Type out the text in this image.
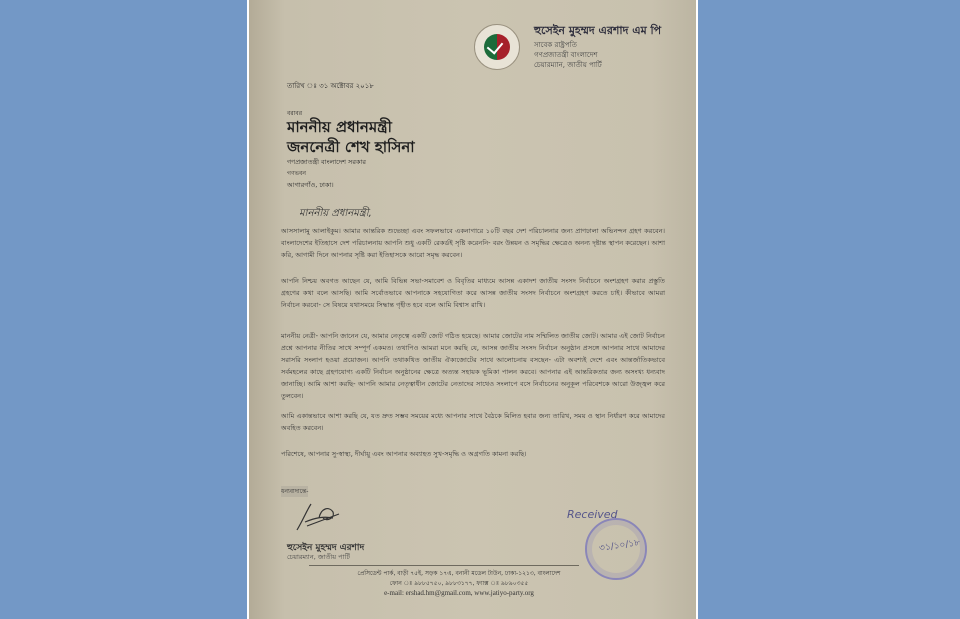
হুসেইন মুহম্মদ এরশাদ এম পি
সাবেক রাষ্ট্রপতি
গণপ্রজাতন্ত্রী বাংলাদেশ
চেয়ারম্যান, জাতীয় পার্টি
তারিখ ঃ ৩১ অক্টোবর ২০১৮
বরাবর
মাননীয় প্রধানমন্ত্রী
জননেত্রী শেখ হাসিনা
গণপ্রজাতন্ত্রী বাংলাদেশ সরকার
গণভবন
আগারগাঁও, ঢাকা।
মাননীয় প্রধানমন্ত্রী,
আসসালামু আলাইকুম। আমার আন্তরিক শুভেচ্ছা এবং সফলভাবে একনাগারে ১০টি বছর দেশ পরিচালনার জন্য প্রাণঢালা অভিনন্দন গ্রহণ করবেন। বাংলাদেশের ইতিহাসে দেশ পরিচালনায় আপনি শুধু একটি রেকর্ডই সৃষ্টি করেননি- বরং উন্নয়ন ও সমৃদ্ধির ক্ষেত্রেও অনন্য দৃষ্টান্ত স্থাপন করেছেন। আশা করি, আগামী দিনে আপনার সৃষ্টি করা ইতিহাসকে আরো সমৃদ্ধ করবেন।
আপনি নিশ্চয় অবগত আছেন যে, আমি বিভিন্ন সভা-সমাবেশ ও বিবৃতির মাধ্যমে আসন্ন একাদশ জাতীয় সংসদ নির্বাচনে অংশগ্রহণ করার প্রস্তুতি গ্রহণের কথা বলে আসছি। আমি সর্বোতভাবে আপনাকে সহযোগিতা করে আসন্ন জাতীয় সংসদ নির্বাচনে অংশগ্রহণ করতে চাই। কীভাবে আমরা নির্বাচন করবো- সে বিষয়ে যথাসময়ে সিদ্ধান্ত গৃহীত হবে বলে আমি বিশ্বাস রাখি।
মাননীয় নেত্রী- আপনি জানেন যে, আমার নেতৃত্বে একটি জোট গঠিত হয়েছে। আমার জোটের নাম সম্মিলিত জাতীয় জোট। আমার এই জোট নির্বাচন প্রশ্নে আপনার নীতির সাথে সম্পূর্ণ একমত। তথাপিও আমরা মনে করছি যে, আসন্ন জাতীয় সংসদ নির্বাচন অনুষ্ঠান প্রসঙ্গে আপনার সাথে আমাদের সরাসরি সংলাপ হওয়া প্রয়োজন। আপনি তথাকথিত জাতীয় ঐক্যজোটের সাথে আলোচনায় বসছেন- এটা অবশ্যই দেশে এবং আন্তর্জাতিকভাবে সর্বমহলের কাছে গ্রহণযোগ্য একটি নির্বাচন অনুষ্ঠানের ক্ষেত্রে অত্যন্ত সহায়ক ভূমিকা পালন করবে। আপনার এই আন্তরিকতার জন্য অসংখ্য ধন্যবাদ জানাচ্ছি। আমি আশা করছি- আপনি আমার নেতৃত্বাধীন জোটের নেতাদের সাথেও সংলাপে বসে নির্বাচনের অনুকূল পরিবেশকে আরো উজ্জ্বল করে তুলবেন।
আমি একান্তভাবে আশা করছি যে, যত দ্রুত সম্ভব সময়ের মধ্যে আপনার সাথে বৈঠকে মিলিত হবার জন্য তারিখ, সময় ও স্থান নির্ধারণ করে আমাদের অবহিত করবেন।
পরিশেষে, আপনার সু-স্বাস্থ্য, দীর্ঘায়ু এবং আপনার অব্যাহত সুখ-সমৃদ্ধি ও অগ্রগতি কামনা করছি।
ধন্যবাদান্তে-
হুসেইন মুহম্মদ এরশাদ
চেয়ারম্যান, জাতীয় পার্টি
Received
৩১/১০/১৮
প্রেসিডেন্ট পার্ক, বাড়ী ৭৫ই, সড়ক ১৭এ, বনানী মডেল টাউন, ঢাকা-১২১৩, বাংলাদেশ
ফোন ঃ ৯৮৮৫৭৫০, ৯৮৮৩১৭৭, ফ্যাক্স ঃ ৯৮৯০৩৫৫
e-mail: ershad.hm@gmail.com, www.jatiyo-party.org
